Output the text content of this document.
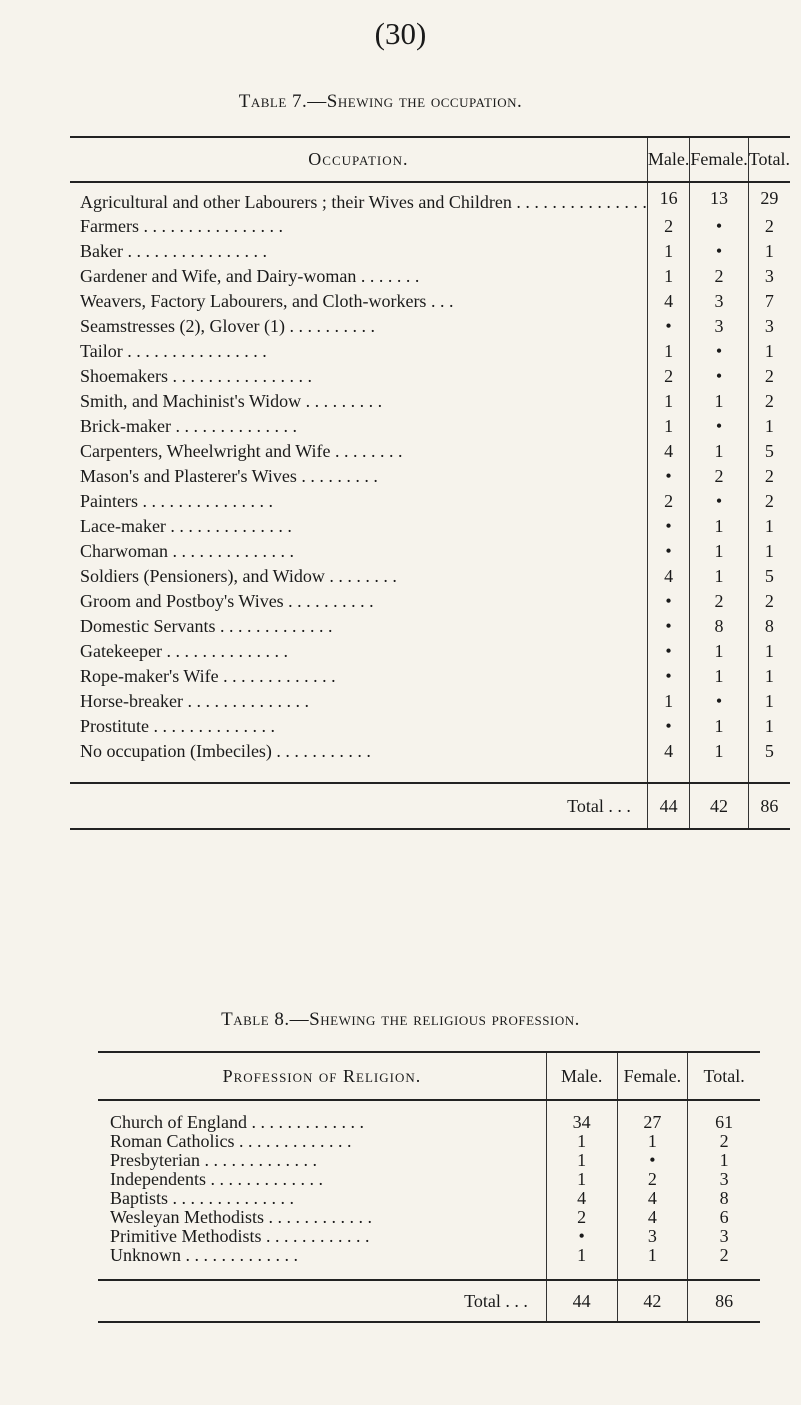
(30)
Table 7.—Shewing the occupation.
Occupation.	Male.	Female.	Total.
Agricultural and other Labourers ; their Wives and Children . . . . . . . . . . . . . . .	16	13	29
Farmers . . . . . . . . . . . . . . . .	2	•	2
Baker . . . . . . . . . . . . . . . .	1	•	1
Gardener and Wife, and Dairy-woman . . . . . . .	1	2	3
Weavers, Factory Labourers, and Cloth-workers . . .	4	3	7
Seamstresses (2), Glover (1) . . . . . . . . . .	•	3	3
Tailor . . . . . . . . . . . . . . . .	1	•	1
Shoemakers . . . . . . . . . . . . . . . .	2	•	2
Smith, and Machinist's Widow . . . . . . . . .	1	1	2
Brick-maker . . . . . . . . . . . . . .	1	•	1
Carpenters, Wheelwright and Wife . . . . . . . .	4	1	5
Mason's and Plasterer's Wives . . . . . . . . .	•	2	2
Painters . . . . . . . . . . . . . . .	2	•	2
Lace-maker . . . . . . . . . . . . . .	•	1	1
Charwoman . . . . . . . . . . . . . .	•	1	1
Soldiers (Pensioners), and Widow . . . . . . . .	4	1	5
Groom and Postboy's Wives . . . . . . . . . .	•	2	2
Domestic Servants . . . . . . . . . . . . .	•	8	8
Gatekeeper . . . . . . . . . . . . . .	•	1	1
Rope-maker's Wife . . . . . . . . . . . . .	•	1	1
Horse-breaker . . . . . . . . . . . . . .	1	•	1
Prostitute . . . . . . . . . . . . . .	•	1	1
No occupation (Imbeciles) . . . . . . . . . . .	4	1	5

Total . . .	44	42	86
Table 8.—Shewing the religious profession.
Profession of Religion.	Male.	Female.	Total.
Church of England . . . . . . . . . . . . .	34	27	61
Roman Catholics . . . . . . . . . . . . .	1	1	2
Presbyterian . . . . . . . . . . . . .	1	•	1
Independents . . . . . . . . . . . . .	1	2	3
Baptists . . . . . . . . . . . . . .	4	4	8
Wesleyan Methodists . . . . . . . . . . . .	2	4	6
Primitive Methodists . . . . . . . . . . . .	•	3	3
Unknown . . . . . . . . . . . . .	1	1	2

Total . . .	44	42	86
